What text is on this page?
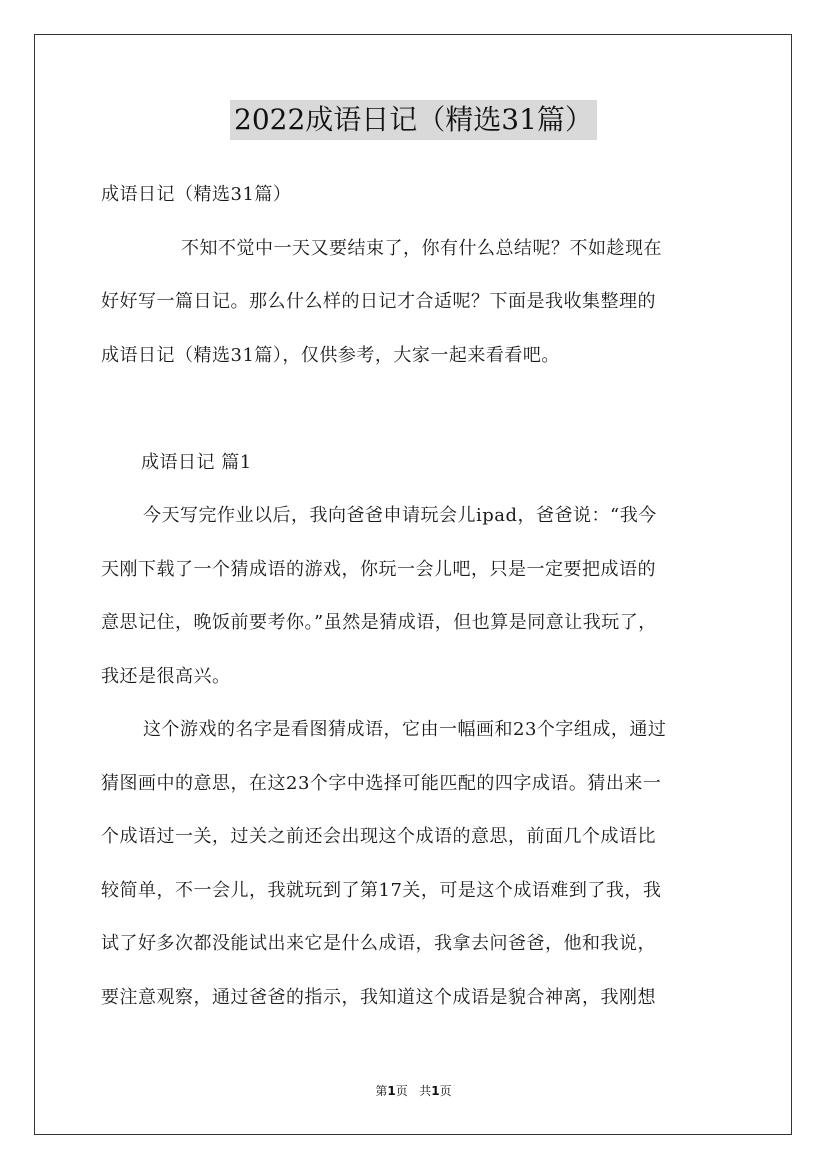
2022成语日记（精选31篇）
成语日记（精选31篇）
不知不觉中一天又要结束了，你有什么总结呢？不如趁现在
好好写一篇日记。那么什么样的日记才合适呢？下面是我收集整理的
成语日记（精选31篇），仅供参考，大家一起来看看吧。
成语日记 篇1
今天写完作业以后，我向爸爸申请玩会儿ipad，爸爸说：“我今
天刚下载了一个猜成语的游戏，你玩一会儿吧，只是一定要把成语的
意思记住，晚饭前要考你。”虽然是猜成语，但也算是同意让我玩了，
我还是很高兴。
这个游戏的名字是看图猜成语，它由一幅画和23个字组成，通过
猜图画中的意思，在这23个字中选择可能匹配的四字成语。猜出来一
个成语过一关，过关之前还会出现这个成语的意思，前面几个成语比
较简单，不一会儿，我就玩到了第17关，可是这个成语难到了我，我
试了好多次都没能试出来它是什么成语，我拿去问爸爸，他和我说，
要注意观察，通过爸爸的指示，我知道这个成语是貌合神离，我刚想
第1页 共1页
